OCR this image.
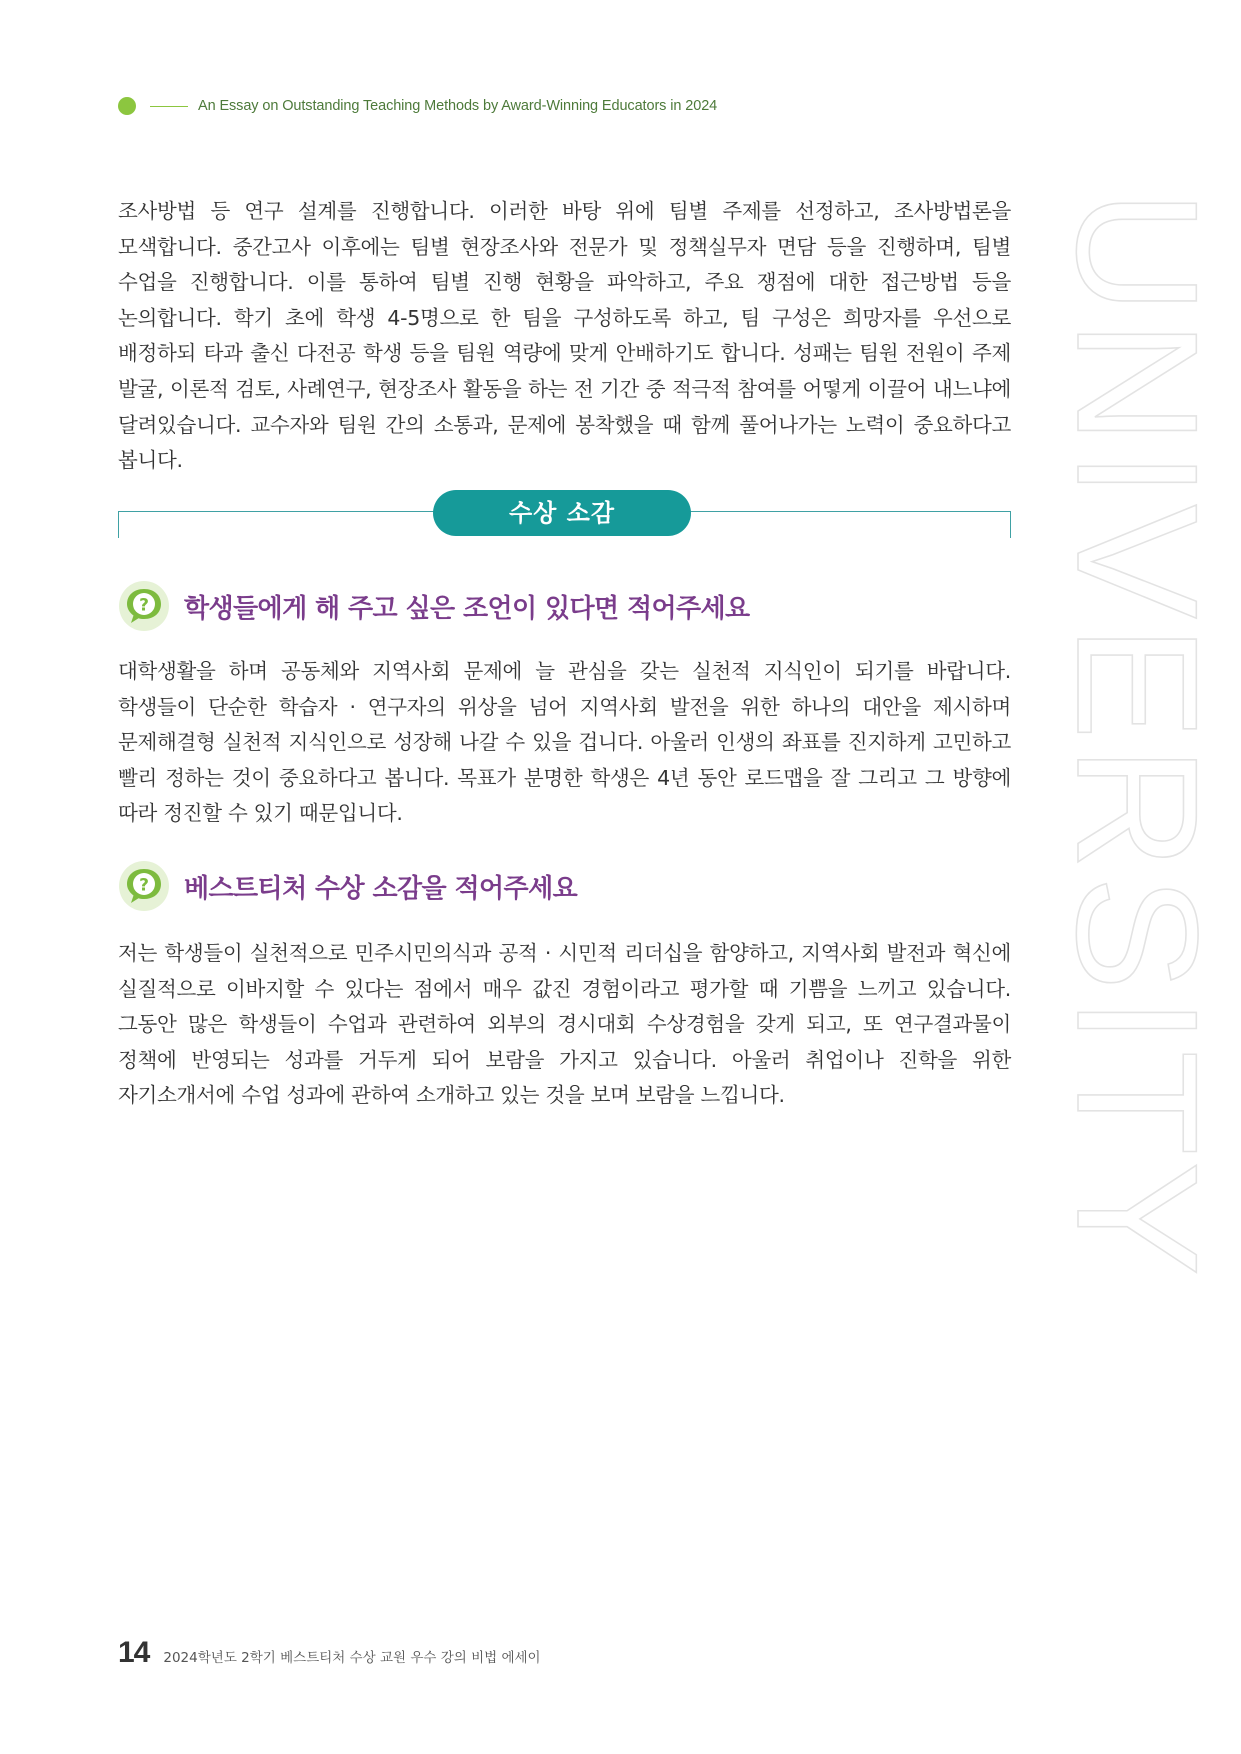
An Essay on Outstanding Teaching Methods by Award-Winning Educators in 2024
UNIVERSITY

조사방법 등 연구 설계를 진행합니다. 이러한 바탕 위에 팀별 주제를 선정하고, 조사방법론을 모색합니다. 중간고사 이후에는 팀별 현장조사와 전문가 및 정책실무자 면담 등을 진행하며, 팀별 수업을 진행합니다. 이를 통하여 팀별 진행 현황을 파악하고, 주요 쟁점에 대한 접근방법 등을 논의합니다. 학기 초에 학생 4-5명으로 한 팀을 구성하도록 하고, 팀 구성은 희망자를 우선으로 배정하되 타과 출신 다전공 학생 등을 팀원 역량에 맞게 안배하기도 합니다. 성패는 팀원 전원이 주제 발굴, 이론적 검토, 사례연구, 현장조사 활동을 하는 전 기간 중 적극적 참여를 어떻게 이끌어 내느냐에 달려있습니다. 교수자와 팀원 간의 소통과, 문제에 봉착했을 때 함께 풀어나가는 노력이 중요하다고 봅니다.

수상 소감
? 학생들에게 해 주고 싶은 조언이 있다면 적어주세요

대학생활을 하며 공동체와 지역사회 문제에 늘 관심을 갖는 실천적 지식인이 되기를 바랍니다. 학생들이 단순한 학습자 · 연구자의 위상을 넘어 지역사회 발전을 위한 하나의 대안을 제시하며 문제해결형 실천적 지식인으로 성장해 나갈 수 있을 겁니다. 아울러 인생의 좌표를 진지하게 고민하고 빨리 정하는 것이 중요하다고 봅니다. 목표가 분명한 학생은 4년 동안 로드맵을 잘 그리고 그 방향에 따라 정진할 수 있기 때문입니다.

? 베스트티처 수상 소감을 적어주세요

저는 학생들이 실천적으로 민주시민의식과 공적 · 시민적 리더십을 함양하고, 지역사회 발전과 혁신에 실질적으로 이바지할 수 있다는 점에서 매우 값진 경험이라고 평가할 때 기쁨을 느끼고 있습니다. 그동안 많은 학생들이 수업과 관련하여 외부의 경시대회 수상경험을 갖게 되고, 또 연구결과물이 정책에 반영되는 성과를 거두게 되어 보람을 가지고 있습니다. 아울러 취업이나 진학을 위한 자기소개서에 수업 성과에 관하여 소개하고 있는 것을 보며 보람을 느낍니다.

14 2024학년도 2학기 베스트티처 수상 교원 우수 강의 비법 에세이
